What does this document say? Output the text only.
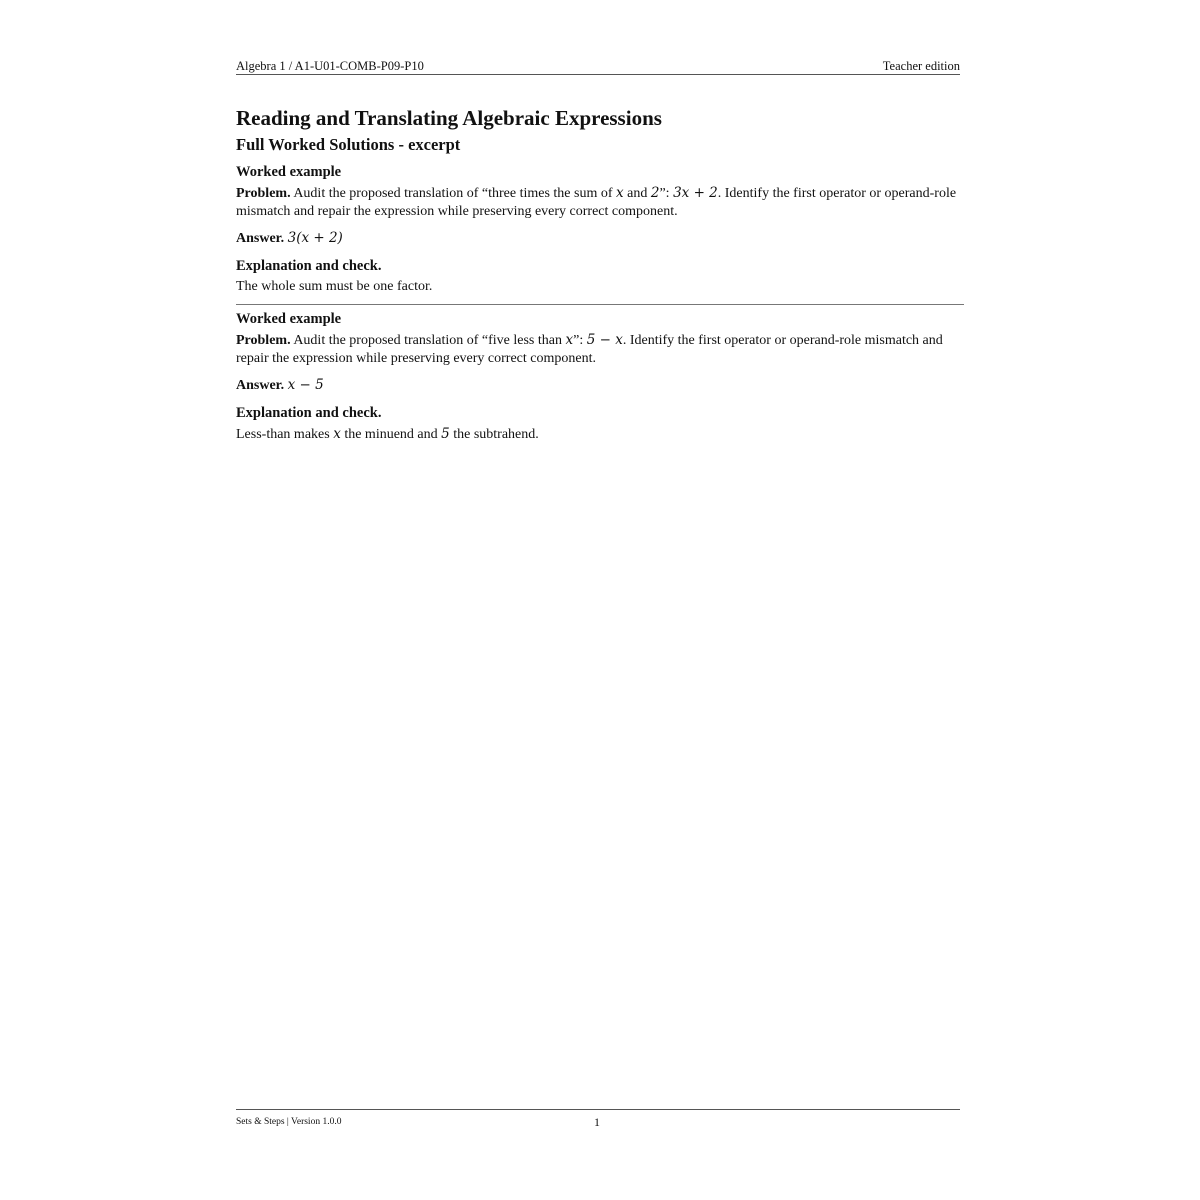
Algebra 1 / A1-U01-COMB-P09-P10	Teacher edition
Reading and Translating Algebraic Expressions
Full Worked Solutions - excerpt
Worked example

Problem. Audit the proposed translation of “three times the sum of x and 2”: 3x + 2. Identify the first operator or operand-role mismatch and repair the expression while preserving every correct component.

Answer. 3(x + 2)

Explanation and check.

The whole sum must be one factor.

Worked example

Problem. Audit the proposed translation of “five less than x”: 5 − x. Identify the first operator or operand-role mismatch and repair the expression while preserving every correct component.

Answer. x − 5

Explanation and check.

Less-than makes x the minuend and 5 the subtrahend.

Sets & Steps | Version 1.0.0	1
